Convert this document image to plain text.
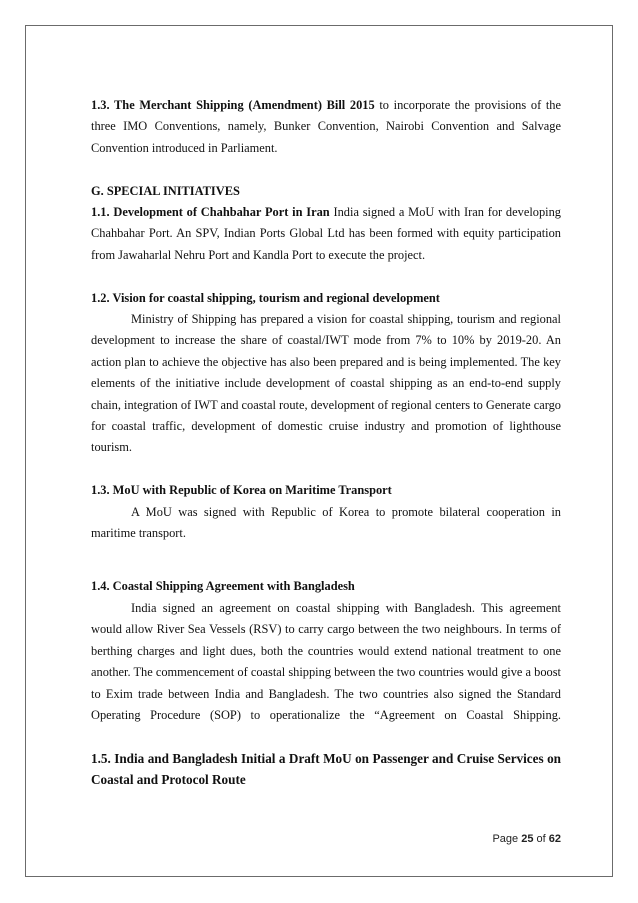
1.3. The Merchant Shipping (Amendment) Bill 2015 to incorporate the provisions of the three IMO Conventions, namely, Bunker Convention, Nairobi Convention and Salvage Convention introduced in Parliament.

G. SPECIAL INITIATIVES

1.1. Development of Chahbahar Port in Iran India signed a MoU with Iran for developing Chahbahar Port. An SPV, Indian Ports Global Ltd has been formed with equity participation from Jawaharlal Nehru Port and Kandla Port to execute the project.

1.2. Vision for coastal shipping, tourism and regional development

Ministry of Shipping has prepared a vision for coastal shipping, tourism and regional development to increase the share of coastal/IWT mode from 7% to 10% by 2019-20. An action plan to achieve the objective has also been prepared and is being implemented. The key elements of the initiative include development of coastal shipping as an end-to-end supply chain, integration of IWT and coastal route, development of regional centers to Generate cargo for coastal traffic, development of domestic cruise industry and promotion of lighthouse tourism.

1.3. MoU with Republic of Korea on Maritime Transport

A MoU was signed with Republic of Korea to promote bilateral cooperation in maritime transport.

1.4. Coastal Shipping Agreement with Bangladesh

India signed an agreement on coastal shipping with Bangladesh. This agreement would allow River Sea Vessels (RSV) to carry cargo between the two neighbours. In terms of berthing charges and light dues, both the countries would extend national treatment to one another. The commencement of coastal shipping between the two countries would give a boost to Exim trade between India and Bangladesh. The two countries also signed the Standard Operating Procedure (SOP) to operationalize the “Agreement on Coastal Shipping.

1.5. India and Bangladesh Initial a Draft MoU on Passenger and Cruise Services on Coastal and Protocol Route

Page 25 of 62
